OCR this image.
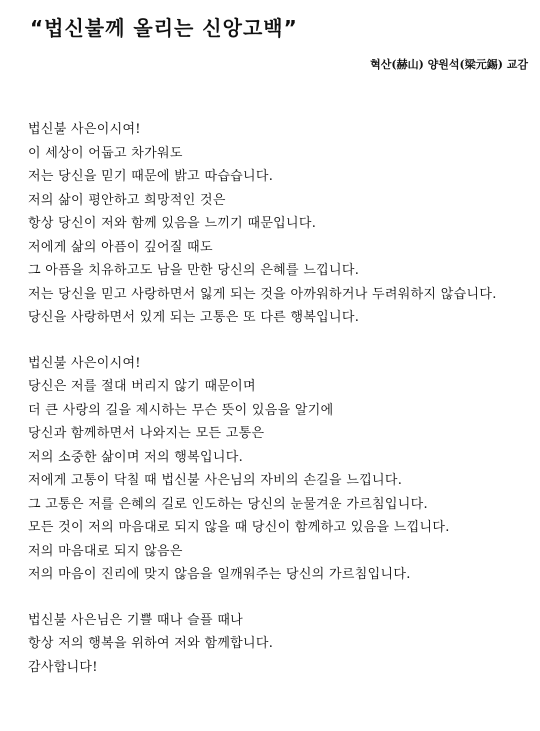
“법신불께 올리는 신앙고백”
혁산(赫山) 양원석(梁元錫) 교감
법신불 사은이시여!
이 세상이 어둡고 차가워도
저는 당신을 믿기 때문에 밝고 따습습니다.
저의 삶이 평안하고 희망적인 것은
항상 당신이 저와 함께 있음을 느끼기 때문입니다.
저에게 삶의 아픔이 깊어질 때도
그 아픔을 치유하고도 남을 만한 당신의 은혜를 느낍니다.
저는 당신을 믿고 사랑하면서 잃게 되는 것을 아까워하거나 두려워하지 않습니다.
당신을 사랑하면서 있게 되는 고통은 또 다른 행복입니다.
법신불 사은이시여!
당신은 저를 절대 버리지 않기 때문이며
더 큰 사랑의 길을 제시하는 무슨 뜻이 있음을 알기에
당신과 함께하면서 나와지는 모든 고통은
저의 소중한 삶이며 저의 행복입니다.
저에게 고통이 닥칠 때 법신불 사은님의 자비의 손길을 느낍니다.
그 고통은 저를 은혜의 길로 인도하는 당신의 눈물겨운 가르침입니다.
모든 것이 저의 마음대로 되지 않을 때 당신이 함께하고 있음을 느낍니다.
저의 마음대로 되지 않음은
저의 마음이 진리에 맞지 않음을 일깨워주는 당신의 가르침입니다.
법신불 사은님은 기쁠 때나 슬플 때나
항상 저의 행복을 위하여 저와 함께합니다.
감사합니다!
